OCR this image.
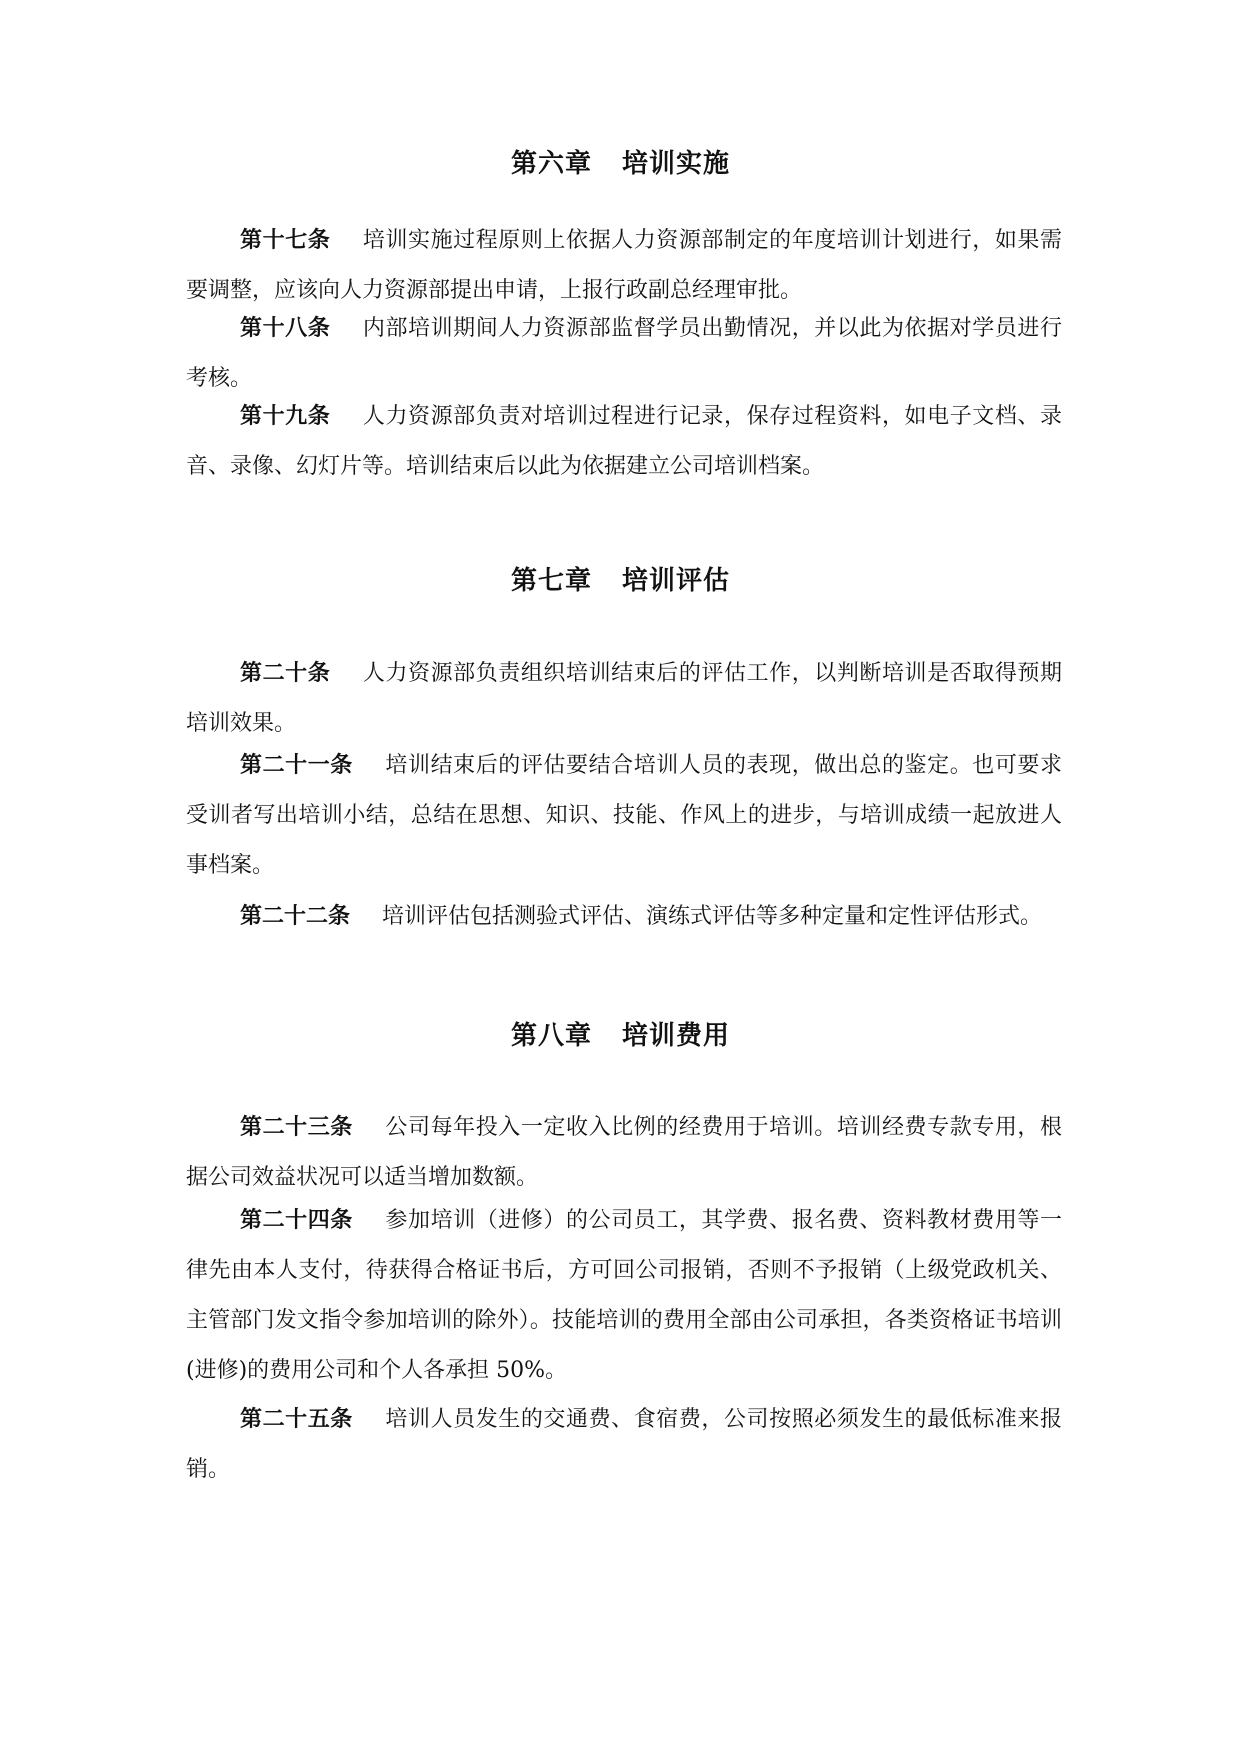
第六章 培训实施

第十七条 培训实施过程原则上依据人力资源部制定的年度培训计划进行，如果需要调整，应该向人力资源部提出申请，上报行政副总经理审批。

第十八条 内部培训期间人力资源部监督学员出勤情况，并以此为依据对学员进行考核。

第十九条 人力资源部负责对培训过程进行记录，保存过程资料，如电子文档、录音、录像、幻灯片等。培训结束后以此为依据建立公司培训档案。

第七章 培训评估

第二十条 人力资源部负责组织培训结束后的评估工作，以判断培训是否取得预期培训效果。

第二十一条 培训结束后的评估要结合培训人员的表现，做出总的鉴定。也可要求受训者写出培训小结，总结在思想、知识、技能、作风上的进步，与培训成绩一起放进人事档案。

第二十二条 培训评估包括测验式评估、演练式评估等多种定量和定性评估形式。

第八章 培训费用

第二十三条 公司每年投入一定收入比例的经费用于培训。培训经费专款专用，根据公司效益状况可以适当增加数额。

第二十四条 参加培训（进修）的公司员工，其学费、报名费、资料教材费用等一律先由本人支付，待获得合格证书后，方可回公司报销，否则不予报销（上级党政机关、主管部门发文指令参加培训的除外）。技能培训的费用全部由公司承担，各类资格证书培训(进修)的费用公司和个人各承担 50%。

第二十五条 培训人员发生的交通费、食宿费，公司按照必须发生的最低标准来报销。
